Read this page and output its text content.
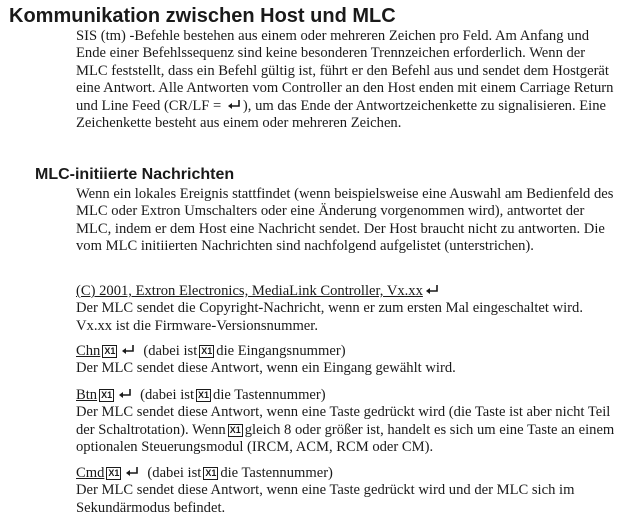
Kommunikation zwischen Host und MLC

SIS (tm) -Befehle bestehen aus einem oder mehreren Zeichen pro Feld. Am Anfang und Ende einer Befehlssequenz sind keine besonderen Trennzeichen erforderlich. Wenn der MLC feststellt, dass ein Befehl gültig ist, führt er den Befehl aus und sendet dem Hostgerät eine Antwort. Alle Antworten vom Controller an den Host enden mit einem Carriage Return und Line Feed (CR/LF = ), um das Ende der Antwortzeichenkette zu signalisieren. Eine Zeichenkette besteht aus einem oder mehreren Zeichen.

MLC-initiierte Nachrichten

Wenn ein lokales Ereignis stattfindet (wenn beispielsweise eine Auswahl am Bedienfeld des MLC oder Extron Umschalters oder eine Änderung vorgenommen wird), antwortet der MLC, indem er dem Host eine Nachricht sendet. Der Host braucht nicht zu antworten. Die vom MLC initiierten Nachrichten sind nachfolgend aufgelistet (unterstrichen).

(C) 2001, Extron Electronics, MediaLink Controller, Vx.xx
Der MLC sendet die Copyright-Nachricht, wenn er zum ersten Mal eingeschaltet wird. Vx.xx ist die Firmware-Versionsnummer.
Chn X1 (dabei ist X1 die Eingangsnummer)
Der MLC sendet diese Antwort, wenn ein Eingang gewählt wird.
Btn X1 (dabei ist X1 die Tastennummer)
Der MLC sendet diese Antwort, wenn eine Taste gedrückt wird (die Taste ist aber nicht Teil der Schaltrotation). Wenn X1 gleich 8 oder größer ist, handelt es sich um eine Taste an einem optionalen Steuerungsmodul (IRCM, ACM, RCM oder CM).
Cmd X1 (dabei ist X1 die Tastennummer)
Der MLC sendet diese Antwort, wenn eine Taste gedrückt wird und der MLC sich im Sekundärmodus befindet.
